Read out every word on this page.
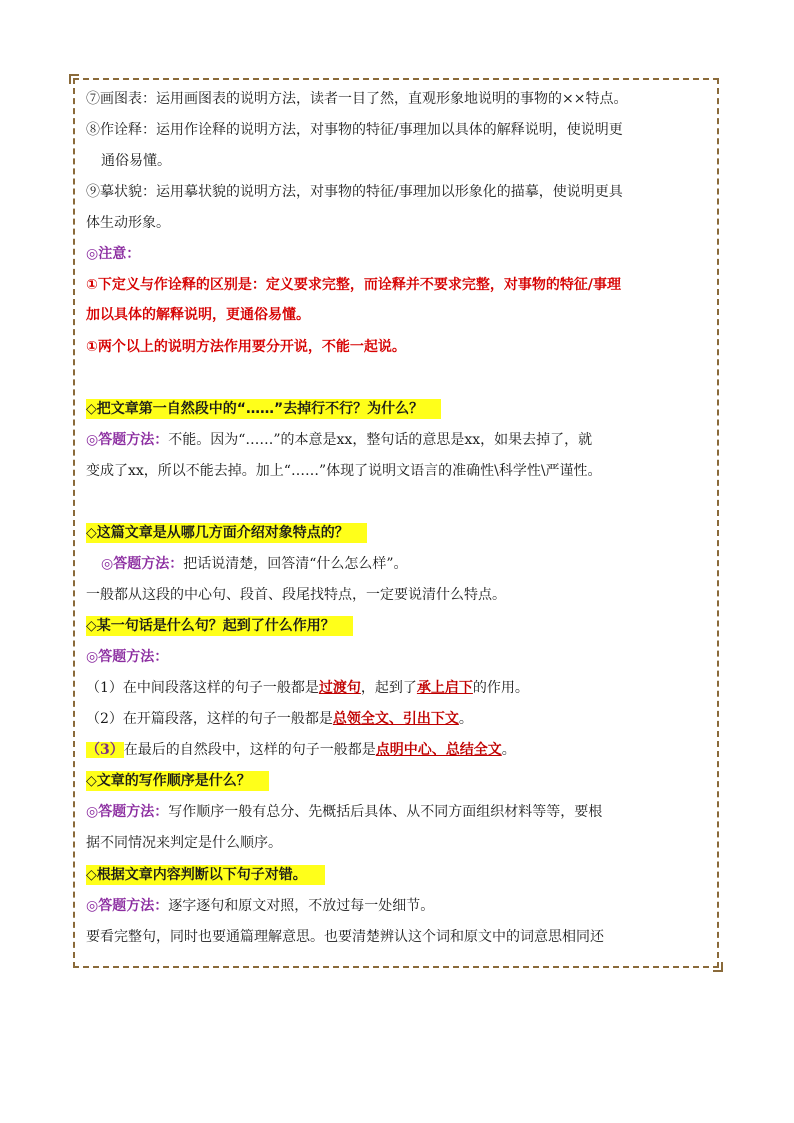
⑦画图表：运用画图表的说明方法，读者一目了然，直观形象地说明的事物的××特点。
⑧作诠释：运用作诠释的说明方法，对事物的特征/事理加以具体的解释说明，使说明更
通俗易懂。
⑨摹状貌：运用摹状貌的说明方法，对事物的特征/事理加以形象化的描摹，使说明更具
体生动形象。
◎注意：
①下定义与作诠释的区别是：定义要求完整，而诠释并不要求完整，对事物的特征/事理
加以具体的解释说明，更通俗易懂。
①两个以上的说明方法作用要分开说，不能一起说。
◇把文章第一自然段中的“……”去掉行不行？为什么？
◎答题方法：不能。因为“……”的本意是xx，整句话的意思是xx，如果去掉了，就
变成了xx，所以不能去掉。加上“……”体现了说明文语言的准确性\科学性\严谨性。
◇这篇文章是从哪几方面介绍对象特点的？
◎答题方法：把话说清楚，回答清“什么怎么样”。
一般都从这段的中心句、段首、段尾找特点，一定要说清什么特点。
◇某一句话是什么句？起到了什么作用？
◎答题方法：
（1）在中间段落这样的句子一般都是过渡句，起到了承上启下的作用。
（2）在开篇段落，这样的句子一般都是总领全文、引出下文。
（3）在最后的自然段中，这样的句子一般都是点明中心、总结全文。
◇文章的写作顺序是什么？
◎答题方法：写作顺序一般有总分、先概括后具体、从不同方面组织材料等等，要根
据不同情况来判定是什么顺序。
◇根据文章内容判断以下句子对错。
◎答题方法：逐字逐句和原文对照，不放过每一处细节。
要看完整句，同时也要通篇理解意思。也要清楚辨认这个词和原文中的词意思相同还
